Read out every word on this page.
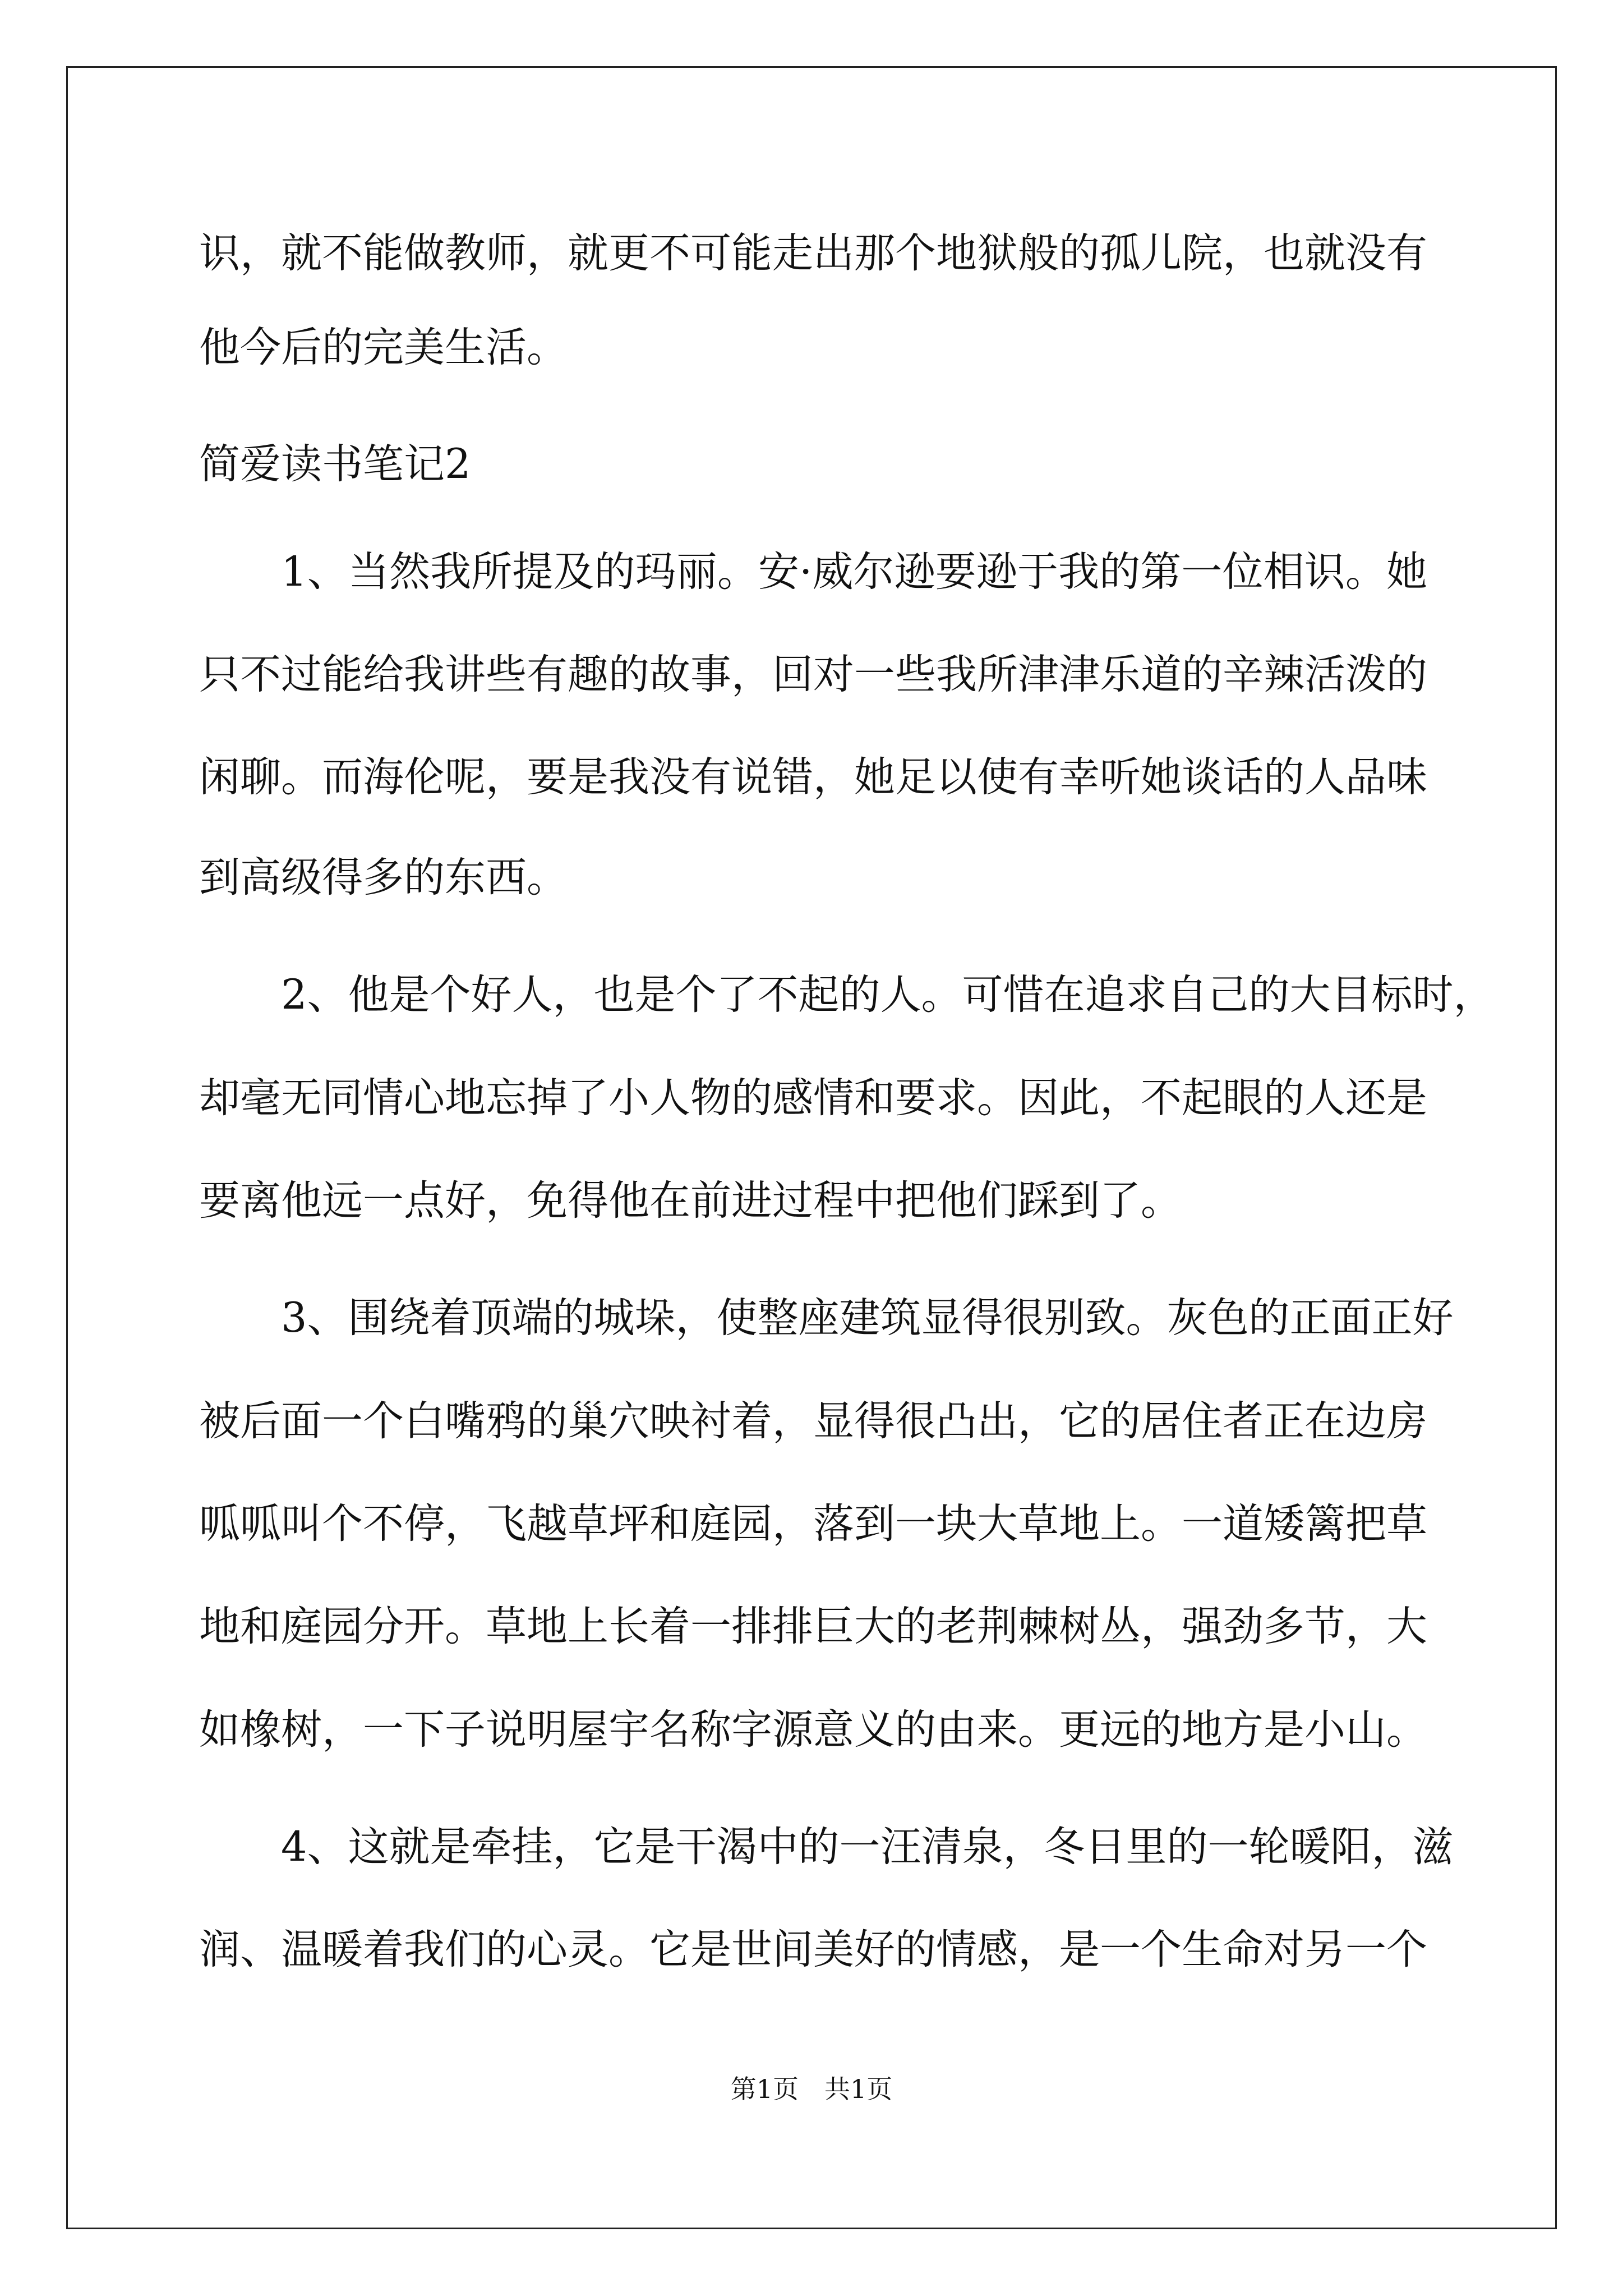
识，就不能做教师，就更不可能走出那个地狱般的孤儿院，也就没有
他今后的完美生活。
简爱读书笔记2
　　1、当然我所提及的玛丽。安·威尔逊要逊于我的第一位相识。她
只不过能给我讲些有趣的故事，回对一些我所津津乐道的辛辣活泼的
闲聊。而海伦呢，要是我没有说错，她足以使有幸听她谈话的人品味
到高级得多的东西。
　　2、他是个好人，也是个了不起的人。可惜在追求自己的大目标时，
却毫无同情心地忘掉了小人物的感情和要求。因此，不起眼的人还是
要离他远一点好，免得他在前进过程中把他们踩到了。
　　3、围绕着顶端的城垛，使整座建筑显得很别致。灰色的正面正好
被后面一个白嘴鸦的巢穴映衬着，显得很凸出，它的居住者正在边房
呱呱叫个不停，飞越草坪和庭园，落到一块大草地上。一道矮篱把草
地和庭园分开。草地上长着一排排巨大的老荆棘树丛，强劲多节，大
如橡树，一下子说明屋宇名称字源意义的由来。更远的地方是小山。
　　4、这就是牵挂，它是干渴中的一汪清泉，冬日里的一轮暖阳，滋
润、温暖着我们的心灵。它是世间美好的情感，是一个生命对另一个
第1页　共1页
